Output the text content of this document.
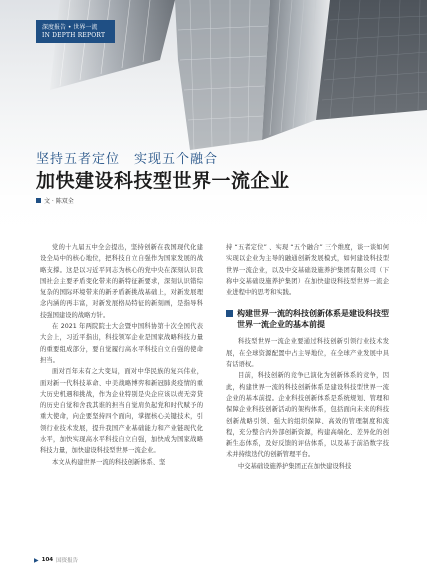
深度报告 • 世界一流
IN DEPTH REPORT
坚持五者定位　实现五个融合
加快建设科技型世界一流企业
文 · 陈双全

党的十九届五中全会提出，坚持创新在我国现代化建设全局中的核心地位，把科技自立自强作为国家发展的战略支撑。这是以习近平同志为核心的党中央在深刻认识我国社会主要矛盾变化带来的新特征新要求，深刻认识错综复杂的国际环境带来的新矛盾新挑战基础上，对新发展理念内涵的再丰富，对新发展格局特征的新刻画，是指导科技强国建设的战略方针。

在 2021 年两院院士大会暨中国科协第十次全国代表大会上，习近平指出，科技领军企业是国家战略科技力量的重要组成部分，要自觉履行高水平科技自立自强的使命担当。

面对百年未有之大变局，面对中华民族的复兴伟业，面对新一代科技革命、中美战略博弈和新冠肺炎疫情的重大历史机遇和挑战，作为企业特别是央企应该以责无旁贷的历史自觉和舍我其谁的担当自觉肩负起党和时代赋予的重大使命，向企要坚持四个面向，掌握核心关键技术，引领行业技术发展，提升我国产业基础能力和产业链现代化水平，加快实现高水平科技自立自强，加快成为国家战略科技力量，加快建设科技型世界一流企业。

本文从构建世界一流的科技创新体系、坚

持 “五者定位” 、实现 “五个融合” 三个维度，谈一谈如何实现以企业为主导的融通创新发展模式，如何建设科技型世界一流企业，以及中交基础设施养护集团有限公司（下称中交基础设施养护集团）在加快建设科技型世界一流企业进程中的思考和实践。

构建世界一流的科技创新体系是建设科技型世界一流企业的基本前提

科技型世界一流企业要通过科技创新引领行业技术发展，在全球资源配置中占主导地位，在全球产业发展中具有话语权。

目前，科技创新的竞争已演化为创新体系的竞争，因此，构建世界一流的科技创新体系是建设科技型世界一流企业的基本前提。企业科技创新体系是系统规划、管理和保障企业科技创新活动的架构体系，包括面向未来的科技创新战略引领、强大的组织保障、高效的管理制度和流程，充分整合内外部创新资源，构建高端化、差异化的创新生态体系，及好反馈的评估体系，以及基于前沿数字技术并持续迭代的创新管理平台。

中交基础设施养护集团正在加快建设科技

▶ 104 国资报告
